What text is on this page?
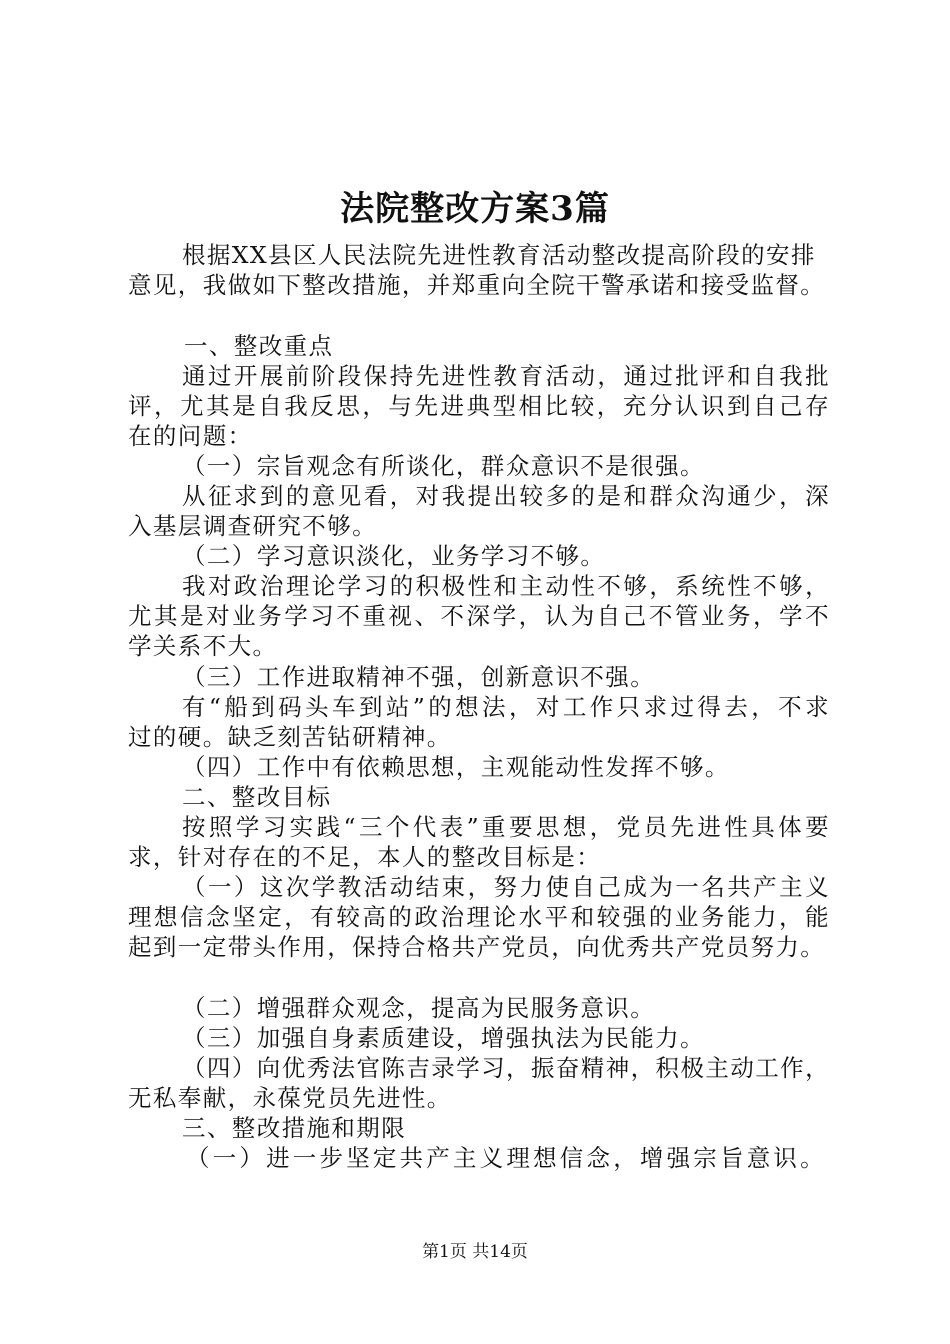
法院整改方案3篇
根据XX县区人民法院先进性教育活动整改提高阶段的安排
意见，我做如下整改措施，并郑重向全院干警承诺和接受监督。
一、整改重点
通过开展前阶段保持先进性教育活动，通过批评和自我批
评，尤其是自我反思，与先进典型相比较，充分认识到自己存
在的问题：
（一）宗旨观念有所谈化，群众意识不是很强。
从征求到的意见看，对我提出较多的是和群众沟通少，深
入基层调查研究不够。
（二）学习意识淡化，业务学习不够。
我对政治理论学习的积极性和主动性不够，系统性不够，
尤其是对业务学习不重视、不深学，认为自己不管业务，学不
学关系不大。
（三）工作进取精神不强，创新意识不强。
有“船到码头车到站”的想法，对工作只求过得去，不求
过的硬。缺乏刻苦钻研精神。
（四）工作中有依赖思想，主观能动性发挥不够。
二、整改目标
按照学习实践“三个代表”重要思想，党员先进性具体要
求，针对存在的不足，本人的整改目标是：
（一）这次学教活动结束，努力使自己成为一名共产主义
理想信念坚定，有较高的政治理论水平和较强的业务能力，能
起到一定带头作用，保持合格共产党员，向优秀共产党员努力。
（二）增强群众观念，提高为民服务意识。
（三）加强自身素质建设，增强执法为民能力。
（四）向优秀法官陈吉录学习，振奋精神，积极主动工作，
无私奉献，永葆党员先进性。
三、整改措施和期限
（一）进一步坚定共产主义理想信念，增强宗旨意识。
第1页 共14页
